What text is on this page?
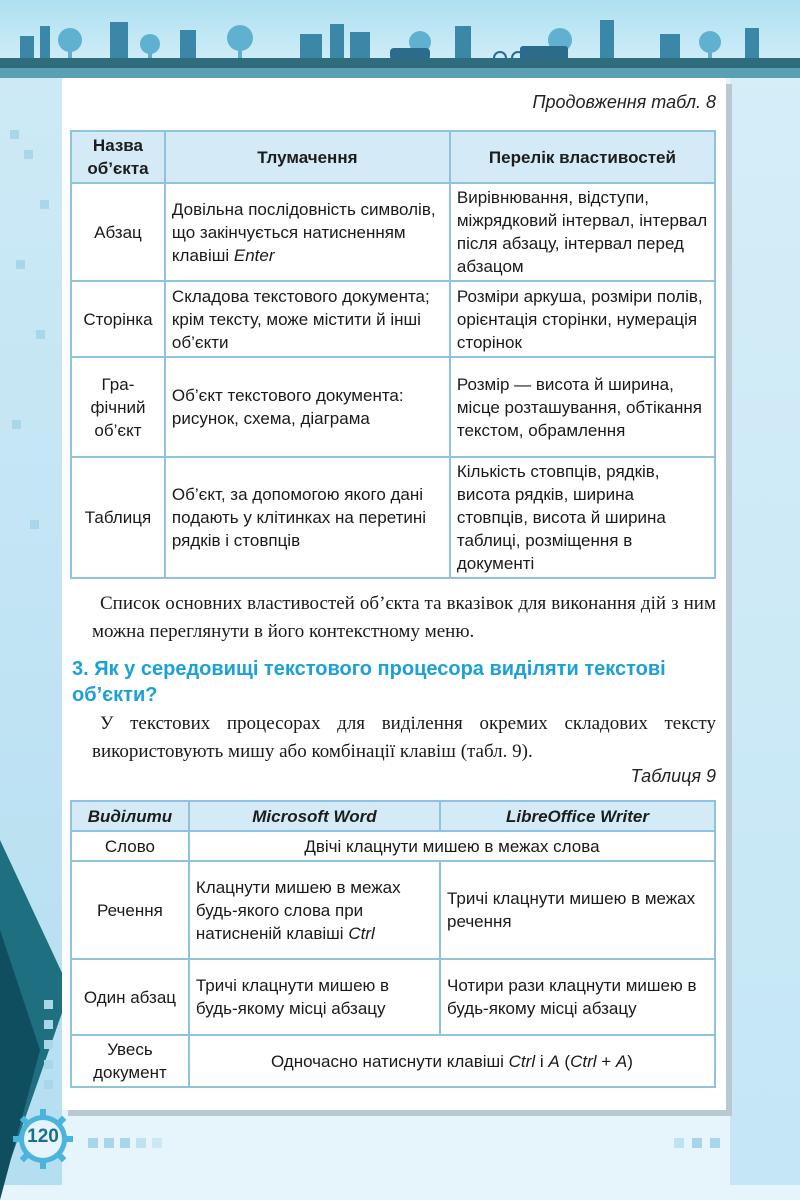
Продовження табл. 8
Назва об’єкта	Тлумачення	Перелік властивостей
Абзац	Довільна послідовність символів, що закінчується натисненням клавіші Enter	Вирівнювання, відступи, міжрядковий інтервал, інтервал після абзацу, інтервал перед абзацом
Сторінка	Складова текстового документа; крім тексту, може містити й інші об’єкти	Розміри аркуша, розміри полів, орієнтація сторінки, нумерація сторінок
Гра-фічний об’єкт	Об’єкт текстового документа: рисунок, схема, діаграма	Розмір — висота й ширина, місце розташування, обтікання текстом, обрамлення
Таблиця	Об’єкт, за допомогою якого дані подають у клітинках на перетині рядків і стовпців	Кількість стовпців, рядків, висота рядків, ширина стовпців, висота й ширина таблиці, розміщення в документі
Список основних властивостей об’єкта та вказівок для виконання дій з ним можна переглянути в його контекстному меню.
3. Як у середовищі текстового процесора виділяти текстові об’єкти?
У текстових процесорах для виділення окремих складових тексту використовують мишу або комбінації клавіш (табл. 9).
Таблиця 9
Виділити	Microsoft Word	LibreOffice Writer
Слово	Двічі клацнути мишею в межах слова	
Речення	Клацнути мишею в межах будь-якого слова при натисненій клавіші Ctrl	Тричі клацнути мишею в межах речення
Один абзац	Тричі клацнути мишею в будь-якому місці абзацу	Чотири рази клацнути мишею в будь-якому місці абзацу
Увесь документ	Одночасно натиснути клавіші Ctrl і A (Ctrl + A)	
120
